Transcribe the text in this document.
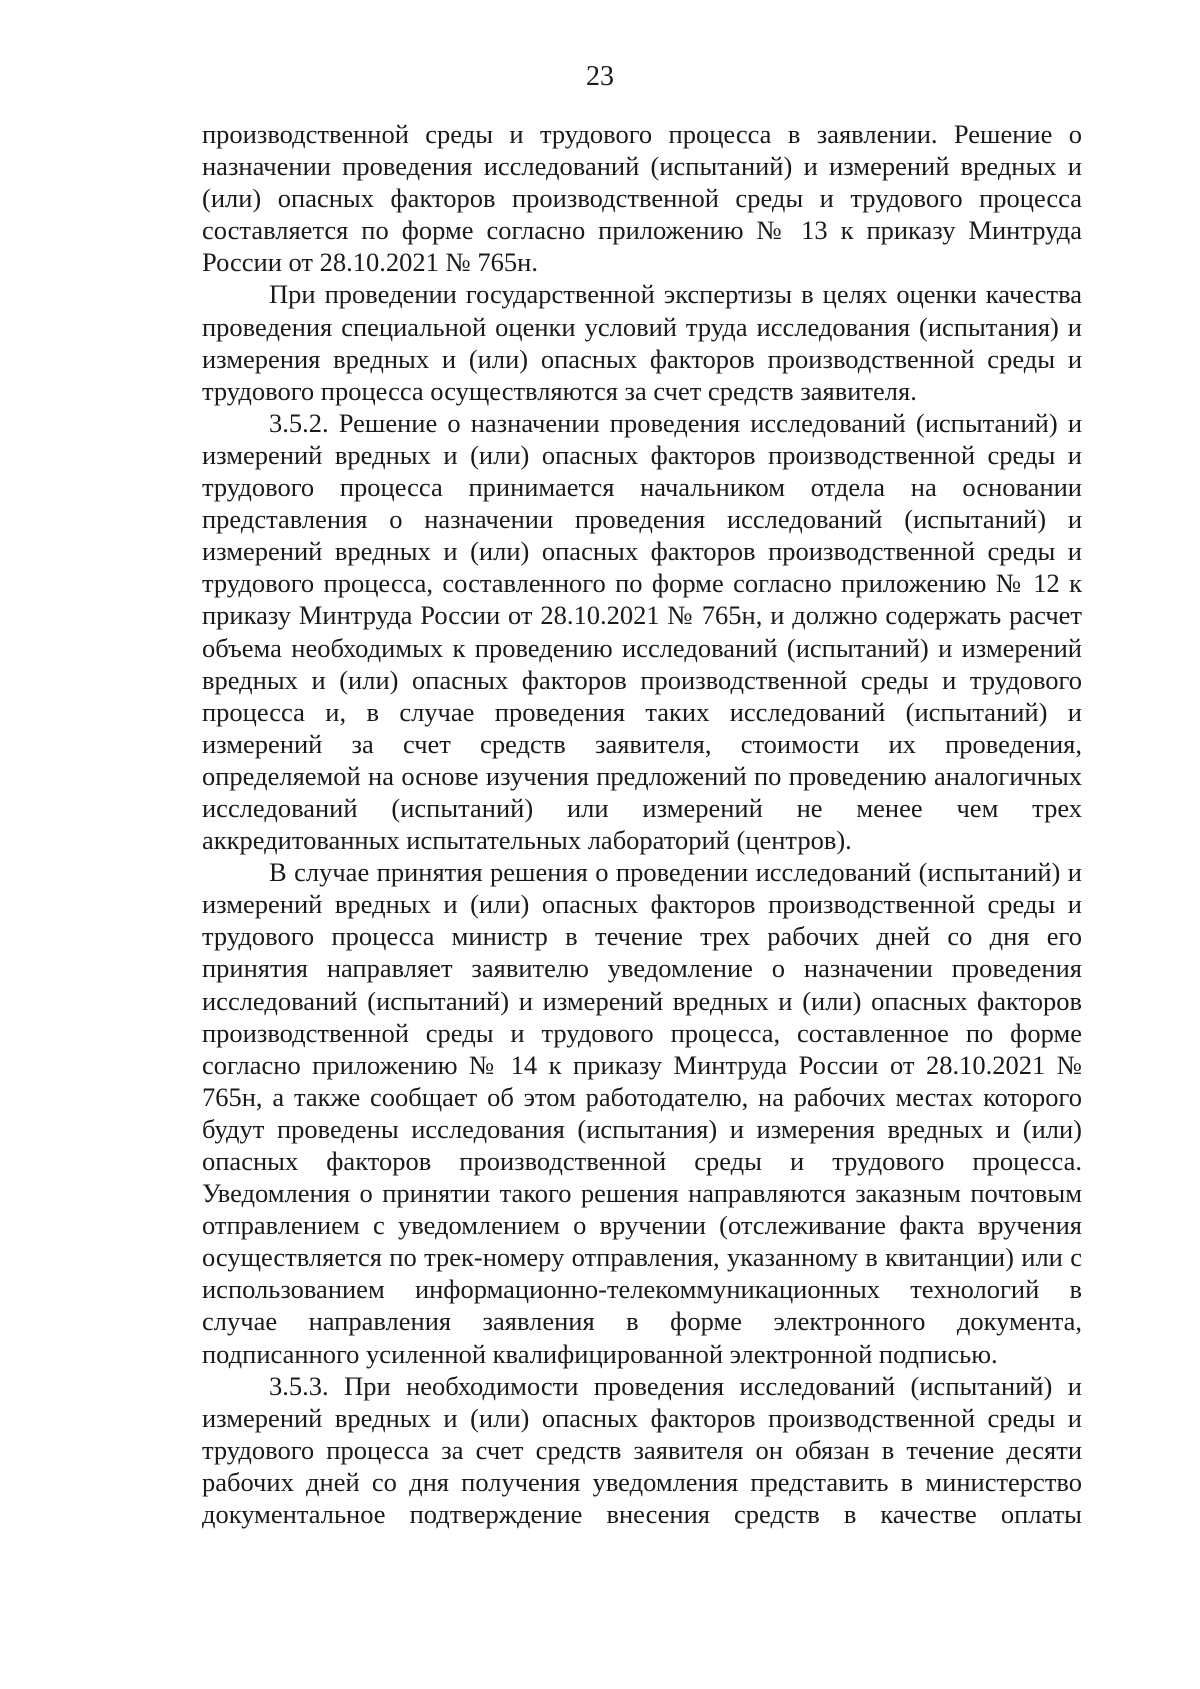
23

производственной среды и трудового процесса в заявлении. Решение о назначении проведения исследований (испытаний) и измерений вредных и (или) опасных факторов производственной среды и трудового процесса составляется по форме согласно приложению № 13 к приказу Минтруда России от 28.10.2021 № 765н.

При проведении государственной экспертизы в целях оценки качества проведения специальной оценки условий труда исследования (испытания) и измерения вредных и (или) опасных факторов производственной среды и трудового процесса осуществляются за счет средств заявителя.

3.5.2. Решение о назначении проведения исследований (испытаний) и измерений вредных и (или) опасных факторов производственной среды и трудового процесса принимается начальником отдела на основании представления о назначении проведения исследований (испытаний) и измерений вредных и (или) опасных факторов производственной среды и трудового процесса, составленного по форме согласно приложению № 12 к приказу Минтруда России от 28.10.2021 № 765н, и должно содержать расчет объема необходимых к проведению исследований (испытаний) и измерений вредных и (или) опасных факторов производственной среды и трудового процесса и, в случае проведения таких исследований (испытаний) и измерений за счет средств заявителя, стоимости их проведения, определяемой на основе изучения предложений по проведению аналогичных исследований (испытаний) или измерений не менее чем трех аккредитованных испытательных лабораторий (центров).

В случае принятия решения о проведении исследований (испытаний) и измерений вредных и (или) опасных факторов производственной среды и трудового процесса министр в течение трех рабочих дней со дня его принятия направляет заявителю уведомление о назначении проведения исследований (испытаний) и измерений вредных и (или) опасных факторов производственной среды и трудового процесса, составленное по форме согласно приложению № 14 к приказу Минтруда России от 28.10.2021 № 765н, а также сообщает об этом работодателю, на рабочих местах которого будут проведены исследования (испытания) и измерения вредных и (или) опасных факторов производственной среды и трудового процесса. Уведомления о принятии такого решения направляются заказным почтовым отправлением с уведомлением о вручении (отслеживание факта вручения осуществляется по трек-номеру отправления, указанному в квитанции) или с использованием информационно-телекоммуникационных технологий в случае направления заявления в форме электронного документа, подписанного усиленной квалифицированной электронной подписью.

3.5.3. При необходимости проведения исследований (испытаний) и измерений вредных и (или) опасных факторов производственной среды и трудового процесса за счет средств заявителя он обязан в течение десяти рабочих дней со дня получения уведомления представить в министерство документальное подтверждение внесения средств в качестве оплаты
